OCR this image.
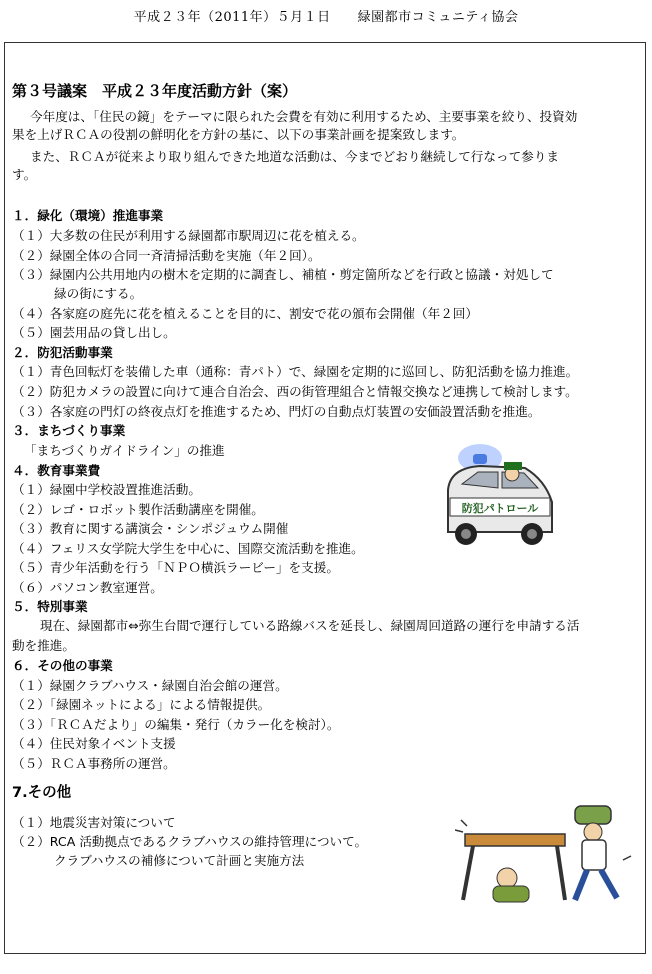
平成２３年（2011年）５月１日　　緑園都市コミュニティ協会
第３号議案　平成２３年度活動方針（案）
今年度は、「住民の鏡」をテーマに限られた会費を有効に利用するため、主要事業を絞り、投資効
果を上げＲＣＡの役割の鮮明化を方針の基に、以下の事業計画を提案致します。
また、ＲＣＡが従来より取り組んできた地道な活動は、今までどおり継続して行なって参りま
す。
１．緑化（環境）推進事業
（１）大多数の住民が利用する緑園都市駅周辺に花を植える。
（２）緑園全体の合同一斉清掃活動を実施（年２回）。
（３）緑園内公共用地内の樹木を定期的に調査し、補植・剪定箇所などを行政と協議・対処して
緑の街にする。
（４）各家庭の庭先に花を植えることを目的に、割安で花の頒布会開催（年２回）
（５）園芸用品の貸し出し。
２．防犯活動事業
（１）青色回転灯を装備した車（通称：青パト）で、緑園を定期的に巡回し、防犯活動を協力推進。
（２）防犯カメラの設置に向けて連合自治会、西の街管理組合と情報交換など連携して検討します。
（３）各家庭の門灯の終夜点灯を推進するため、門灯の自動点灯装置の安価設置活動を推進。
３．まちづくり事業
「まちづくりガイドライン」の推進
４．教育事業費
（１）緑園中学校設置推進活動。
（２）レゴ・ロボット製作活動講座を開催。
（３）教育に関する講演会・シンポジュウム開催
（４）フェリス女学院大学生を中心に、国際交流活動を推進。
（５）青少年活動を行う「ＮＰＯ横浜ラービー」を支援。
（６）パソコン教室運営。
５．特別事業
現在、緑園都市⇔弥生台間で運行している路線バスを延長し、緑園周回道路の運行を申請する活
動を推進。
６．その他の事業
（１）緑園クラブハウス・緑園自治会館の運営。
（２）「緑園ネットによる」による情報提供。
（３）「ＲＣＡだより」の編集・発行（カラー化を検討）。
（４）住民対象イベント支援
（５）ＲＣＡ事務所の運営。
7.その他
（１）地震災害対策について
（２）RCA 活動拠点であるクラブハウスの維持管理について。
クラブハウスの補修について計画と実施方法
防犯パトロール
